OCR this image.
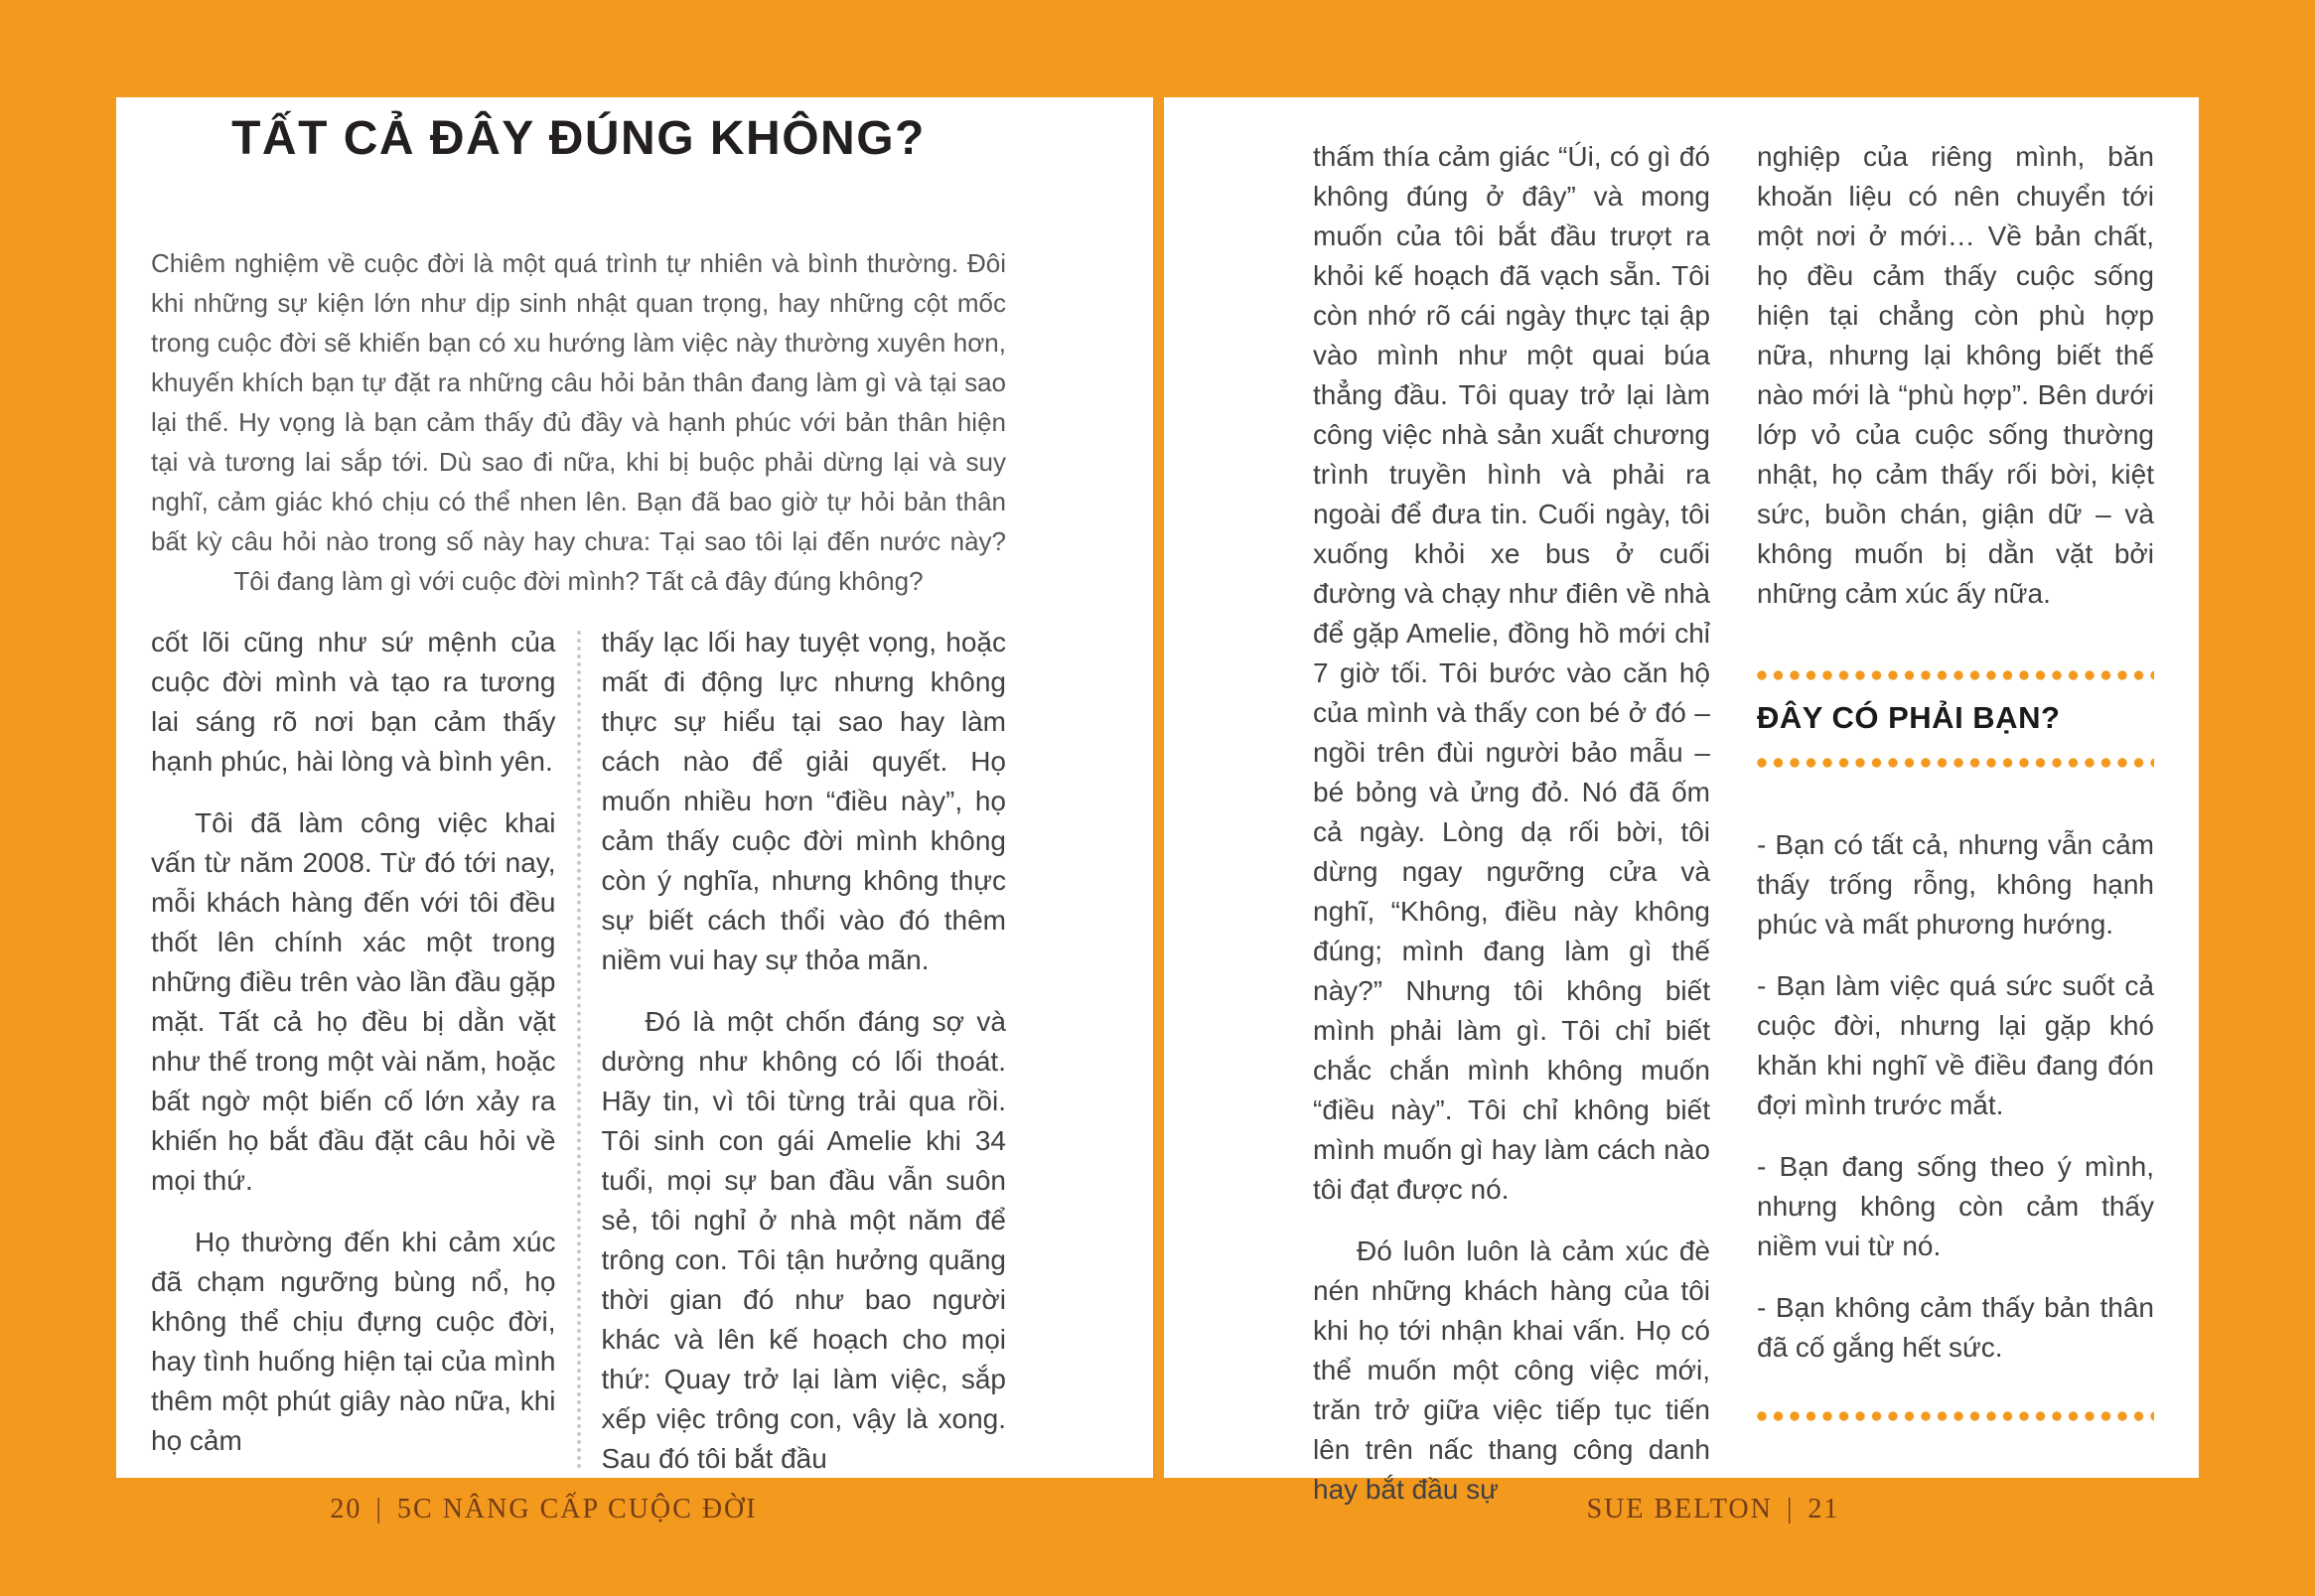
TẤT CẢ ĐÂY ĐÚNG KHÔNG?

Chiêm nghiệm về cuộc đời là một quá trình tự nhiên và bình thường. Đôi khi những sự kiện lớn như dịp sinh nhật quan trọng, hay những cột mốc trong cuộc đời sẽ khiến bạn có xu hướng làm việc này thường xuyên hơn, khuyến khích bạn tự đặt ra những câu hỏi bản thân đang làm gì và tại sao lại thế. Hy vọng là bạn cảm thấy đủ đầy và hạnh phúc với bản thân hiện tại và tương lai sắp tới. Dù sao đi nữa, khi bị buộc phải dừng lại và suy nghĩ, cảm giác khó chịu có thể nhen lên. Bạn đã bao giờ tự hỏi bản thân bất kỳ câu hỏi nào trong số này hay chưa: Tại sao tôi lại đến nước này? Tôi đang làm gì với cuộc đời mình? Tất cả đây đúng không?

cốt lõi cũng như sứ mệnh của cuộc đời mình và tạo ra tương lai sáng rõ nơi bạn cảm thấy hạnh phúc, hài lòng và bình yên.

Tôi đã làm công việc khai vấn từ năm 2008. Từ đó tới nay, mỗi khách hàng đến với tôi đều thốt lên chính xác một trong những điều trên vào lần đầu gặp mặt. Tất cả họ đều bị dằn vặt như thế trong một vài năm, hoặc bất ngờ một biến cố lớn xảy ra khiến họ bắt đầu đặt câu hỏi về mọi thứ.

Họ thường đến khi cảm xúc đã chạm ngưỡng bùng nổ, họ không thể chịu đựng cuộc đời, hay tình huống hiện tại của mình thêm một phút giây nào nữa, khi họ cảm

thấy lạc lối hay tuyệt vọng, hoặc mất đi động lực nhưng không thực sự hiểu tại sao hay làm cách nào để giải quyết. Họ muốn nhiều hơn “điều này”, họ cảm thấy cuộc đời mình không còn ý nghĩa, nhưng không thực sự biết cách thổi vào đó thêm niềm vui hay sự thỏa mãn.

Đó là một chốn đáng sợ và dường như không có lối thoát. Hãy tin, vì tôi từng trải qua rồi. Tôi sinh con gái Amelie khi 34 tuổi, mọi sự ban đầu vẫn suôn sẻ, tôi nghỉ ở nhà một năm để trông con. Tôi tận hưởng quãng thời gian đó như bao người khác và lên kế hoạch cho mọi thứ: Quay trở lại làm việc, sắp xếp việc trông con, vậy là xong. Sau đó tôi bắt đầu

thấm thía cảm giác “Úi, có gì đó không đúng ở đây” và mong muốn của tôi bắt đầu trượt ra khỏi kế hoạch đã vạch sẵn. Tôi còn nhớ rõ cái ngày thực tại ập vào mình như một quai búa thẳng đầu. Tôi quay trở lại làm công việc nhà sản xuất chương trình truyền hình và phải ra ngoài để đưa tin. Cuối ngày, tôi xuống khỏi xe bus ở cuối đường và chạy như điên về nhà để gặp Amelie, đồng hồ mới chỉ 7 giờ tối. Tôi bước vào căn hộ của mình và thấy con bé ở đó – ngồi trên đùi người bảo mẫu – bé bỏng và ửng đỏ. Nó đã ốm cả ngày. Lòng dạ rối bời, tôi dừng ngay ngưỡng cửa và nghĩ, “Không, điều này không đúng; mình đang làm gì thế này?” Nhưng tôi không biết mình phải làm gì. Tôi chỉ biết chắc chắn mình không muốn “điều này”. Tôi chỉ không biết mình muốn gì hay làm cách nào tôi đạt được nó.

Đó luôn luôn là cảm xúc đè nén những khách hàng của tôi khi họ tới nhận khai vấn. Họ có thể muốn một công việc mới, trăn trở giữa việc tiếp tục tiến lên trên nấc thang công danh hay bắt đầu sự

nghiệp của riêng mình, băn khoăn liệu có nên chuyển tới một nơi ở mới… Về bản chất, họ đều cảm thấy cuộc sống hiện tại chẳng còn phù hợp nữa, nhưng lại không biết thế nào mới là “phù hợp”. Bên dưới lớp vỏ của cuộc sống thường nhật, họ cảm thấy rối bời, kiệt sức, buồn chán, giận dữ – và không muốn bị dằn vặt bởi những cảm xúc ấy nữa.

ĐÂY CÓ PHẢI BẠN?

- Bạn có tất cả, nhưng vẫn cảm thấy trống rỗng, không hạnh phúc và mất phương hướng.

- Bạn làm việc quá sức suốt cả cuộc đời, nhưng lại gặp khó khăn khi nghĩ về điều đang đón đợi mình trước mắt.

- Bạn đang sống theo ý mình, nhưng không còn cảm thấy niềm vui từ nó.

- Bạn không cảm thấy bản thân đã cố gắng hết sức.

20 | 5C NÂNG CẤP CUỘC ĐỜI	SUE BELTON | 21
